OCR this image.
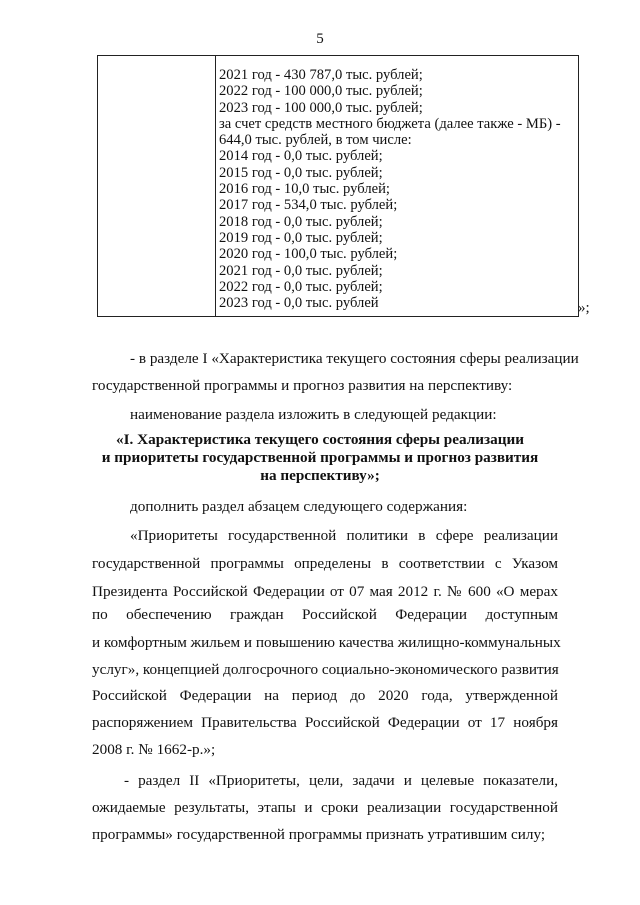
5
2021 год - 430 787,0 тыс. рублей;
2022 год - 100 000,0 тыс. рублей;
2023 год - 100 000,0 тыс. рублей;
за счет средств местного бюджета (далее также - МБ) -
644,0 тыс. рублей, в том числе:
2014 год - 0,0 тыс. рублей;
2015 год - 0,0 тыс. рублей;
2016 год - 10,0 тыс. рублей;
2017 год - 534,0 тыс. рублей;
2018 год - 0,0 тыс. рублей;
2019 год - 0,0 тыс. рублей;
2020 год - 100,0 тыс. рублей;
2021 год - 0,0 тыс. рублей;
2022 год - 0,0 тыс. рублей;
2023 год - 0,0 тыс. рублей	»;
- в разделе I «Характеристика текущего состояния сферы реализации
государственной программы и прогноз развития на перспективу:
наименование раздела изложить в следующей редакции:
«I. Характеристика текущего состояния сферы реализации
и приоритеты государственной программы и прогноз развития
на перспективу»;
дополнить раздел абзацем следующего содержания:
«Приоритеты государственной политики в сфере реализации
государственной программы определены в соответствии с Указом
Президента Российской Федерации от 07 мая 2012 г. № 600 «О мерах
по обеспечению граждан Российской Федерации доступным
и комфортным жильем и повышению качества жилищно-коммунальных
услуг», концепцией долгосрочного социально-экономического развития
Российской Федерации на период до 2020 года, утвержденной
распоряжением Правительства Российской Федерации от 17 ноября
2008 г. № 1662-р.»;
- раздел II «Приоритеты, цели, задачи и целевые показатели,
ожидаемые результаты, этапы и сроки реализации государственной
программы» государственной программы признать утратившим силу;
